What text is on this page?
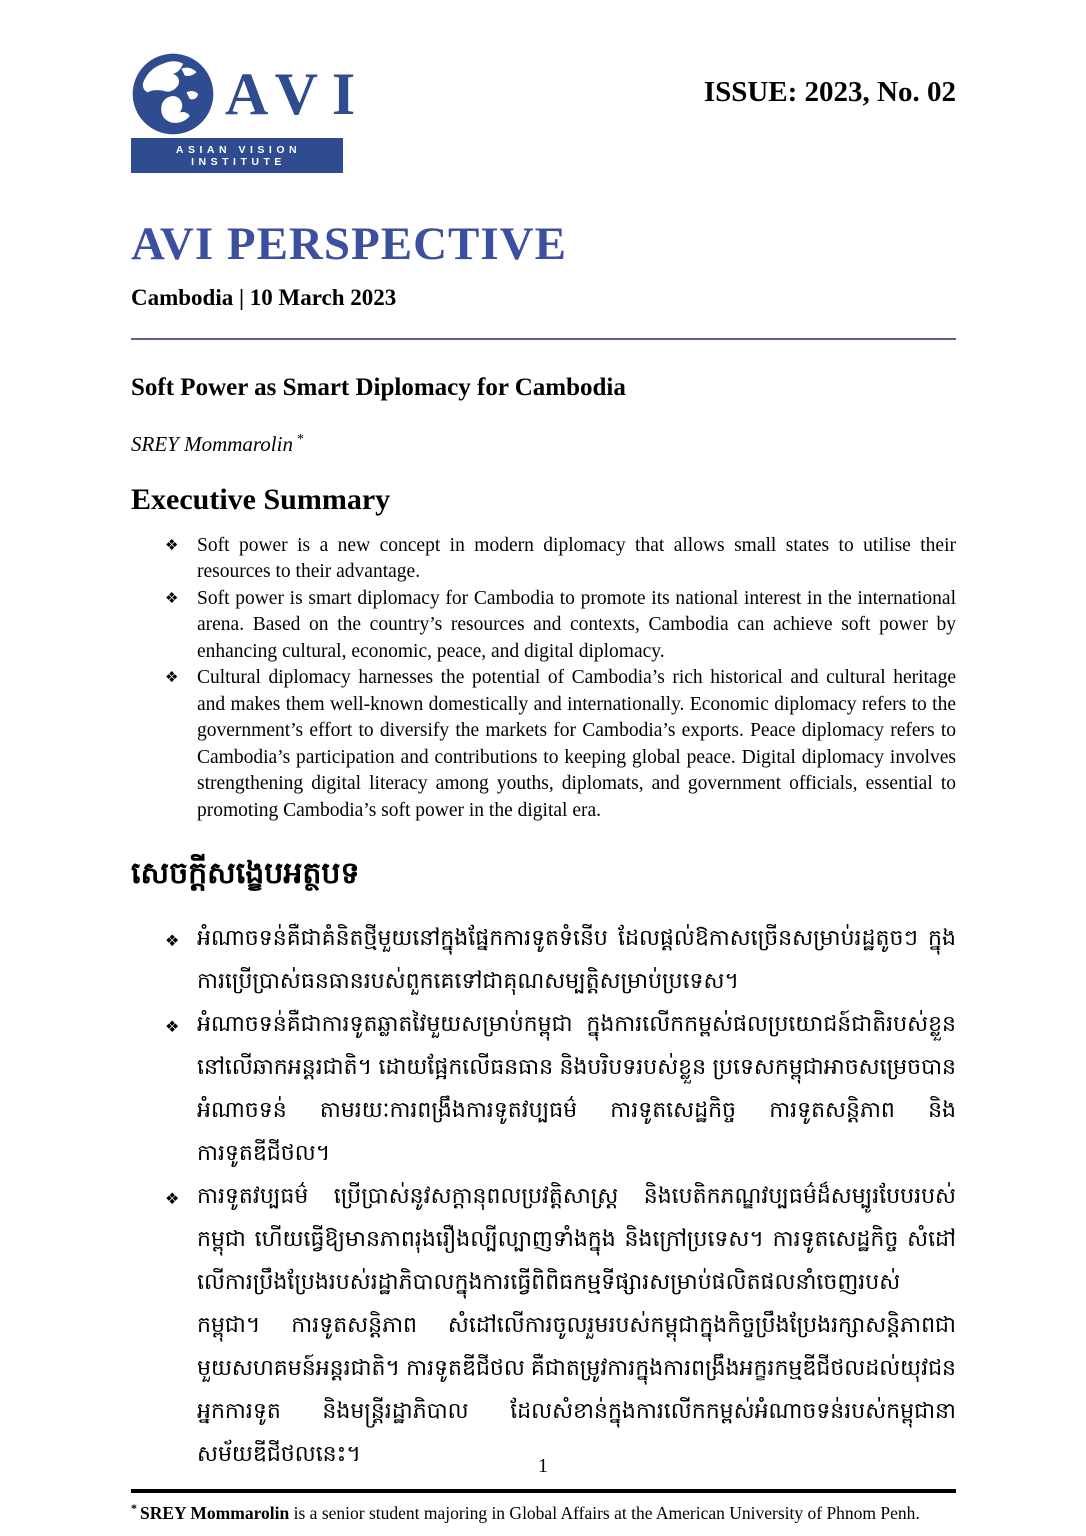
AVI
ASIAN VISION INSTITUTE
ISSUE: 2023, No. 02
AVI PERSPECTIVE
Cambodia | 10 March 2023
Soft Power as Smart Diplomacy for Cambodia

SREY Mommarolin *

Executive Summary
❖ Soft power is a new concept in modern diplomacy that allows small states to utilise their resources to their advantage.
❖ Soft power is smart diplomacy for Cambodia to promote its national interest in the international arena. Based on the country’s resources and contexts, Cambodia can achieve soft power by enhancing cultural, economic, peace, and digital diplomacy.
❖ Cultural diplomacy harnesses the potential of Cambodia’s rich historical and cultural heritage and makes them well-known domestically and internationally. Economic diplomacy refers to the government’s effort to diversify the markets for Cambodia’s exports. Peace diplomacy refers to Cambodia’s participation and contributions to keeping global peace. Digital diplomacy involves strengthening digital literacy among youths, diplomats, and government officials, essential to promoting Cambodia’s soft power in the digital era.
សេចក្ដីសង្ខេបអត្ថបទ
❖ អំណាចទន់គឺជាគំនិតថ្មីមួយនៅក្នុងផ្នែកការទូតទំនើប ដែលផ្ដល់ឱកាសច្រើនសម្រាប់រដ្ឋតូចៗ ក្នុងការប្រើប្រាស់ធនធានរបស់ពួកគេទៅជាគុណសម្បត្តិសម្រាប់ប្រទេស។
❖ អំណាចទន់គឺជាការទូតឆ្លាតវៃមួយសម្រាប់កម្ពុជា ក្នុងការលើកកម្ពស់ផលប្រយោជន៍ជាតិរបស់ខ្លួននៅលើឆាកអន្តរជាតិ។ ដោយផ្អែកលើធនធាន និងបរិបទរបស់ខ្លួន ប្រទេសកម្ពុជាអាចសម្រេចបានអំណាចទន់ តាមរយៈការពង្រឹងការទូតវប្បធម៌ ការទូតសេដ្ឋកិច្ច ការទូតសន្តិភាព និងការទូតឌីជីថល។
❖ ការទូតវប្បធម៌ ប្រើប្រាស់នូវសក្ដានុពលប្រវត្តិសាស្ត្រ និងបេតិកភណ្ឌវប្បធម៌ដ៏សម្បូរបែបរបស់កម្ពុជា ហើយធ្វើឱ្យមានភាពរុងរឿងល្បីល្បាញទាំងក្នុង និងក្រៅប្រទេស។ ការទូតសេដ្ឋកិច្ច សំដៅលើការប្រឹងប្រែងរបស់រដ្ឋាភិបាលក្នុងការធ្វើពិពិធកម្មទីផ្សារសម្រាប់ផលិតផលនាំចេញរបស់កម្ពុជា។ ការទូតសន្តិភាព សំដៅលើការចូលរួមរបស់កម្ពុជាក្នុងកិច្ចប្រឹងប្រែងរក្សាសន្តិភាពជាមួយសហគមន៍អន្តរជាតិ។ ការទូតឌីជីថល គឺជាតម្រូវការក្នុងការពង្រឹងអក្ខរកម្មឌីជីថលដល់យុវជន អ្នកការទូត និងមន្ត្រីរដ្ឋាភិបាល ដែលសំខាន់ក្នុងការលើកកម្ពស់អំណាចទន់របស់កម្ពុជានាសម័យឌីជីថលនេះ។

* SREY Mommarolin is a senior student majoring in Global Affairs at the American University of Phnom Penh.

1
